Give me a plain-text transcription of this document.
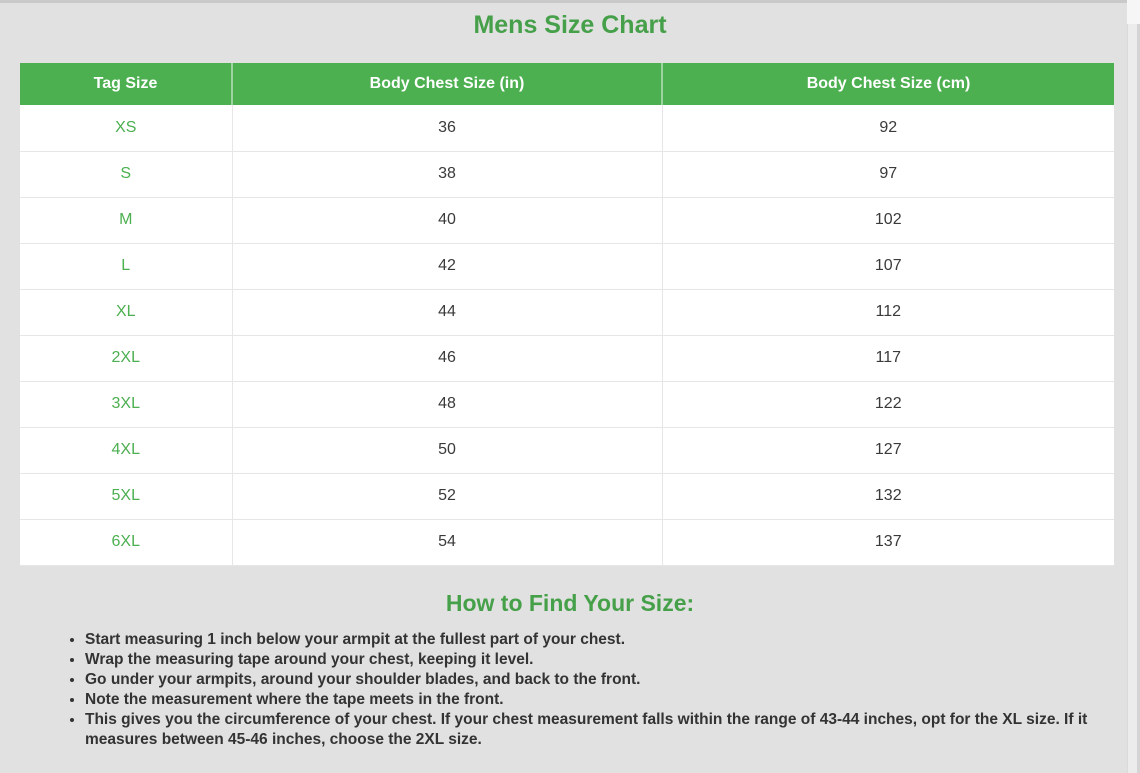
Mens Size Chart
Tag Size	Body Chest Size (in)	Body Chest Size (cm)
XS	36	92
S	38	97
M	40	102
L	42	107
XL	44	112
2XL	46	117
3XL	48	122
4XL	50	127
5XL	52	132
6XL	54	137
How to Find Your Size:
• Start measuring 1 inch below your armpit at the fullest part of your chest.
• Wrap the measuring tape around your chest, keeping it level.
• Go under your armpits, around your shoulder blades, and back to the front.
• Note the measurement where the tape meets in the front.
• This gives you the circumference of your chest. If your chest measurement falls within the range of 43-44 inches, opt for the XL size. If it measures between 45-46 inches, choose the 2XL size.
